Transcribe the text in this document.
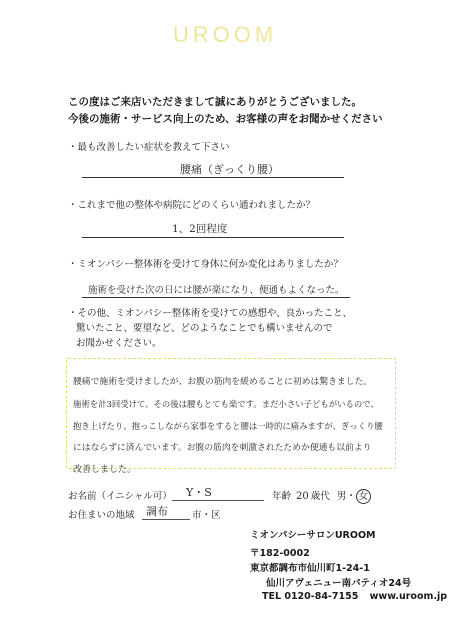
UROOM
この度はご来店いただきまして誠にありがとうございました。
今後の施術・サービス向上のため、お客様の声をお聞かせください
・最も改善したい症状を教えて下さい
腰痛（ぎっくり腰）
・これまで他の整体や病院にどのくらい通われましたか？
1、2回程度
・ミオンパシー整体術を受けて身体に何か変化はありましたか？
施術を受けた次の日には腰が楽になり、便通もよくなった。
・その他、ミオンパシー整体術を受けての感想や、良かったこと、
驚いたこと、要望など、どのようなことでも構いませんので
お聞かせください。
腰痛で施術を受けましたが、お腹の筋肉を緩めることに初めは驚きました。
施術を計3回受けて、その後は腰もとても楽です。まだ小さい子どもがいるので、
抱き上げたり、抱っこしながら家事をすると腰は一時的に痛みますが、ぎっくり腰
にはならずに済んでいます。お腹の筋肉を刺激されたためか便通も以前より
改善しました。
お名前（イニシャル可） Y・S	年齢 20 歳代 男・ 女
お住まいの地域 調布	市・区
ミオンパシーサロンUROOM
〒182-0002
東京都調布市仙川町1-24-1
仙川アヴェニュー南パティオ24号
TEL 0120-84-7155 www.uroom.jp
